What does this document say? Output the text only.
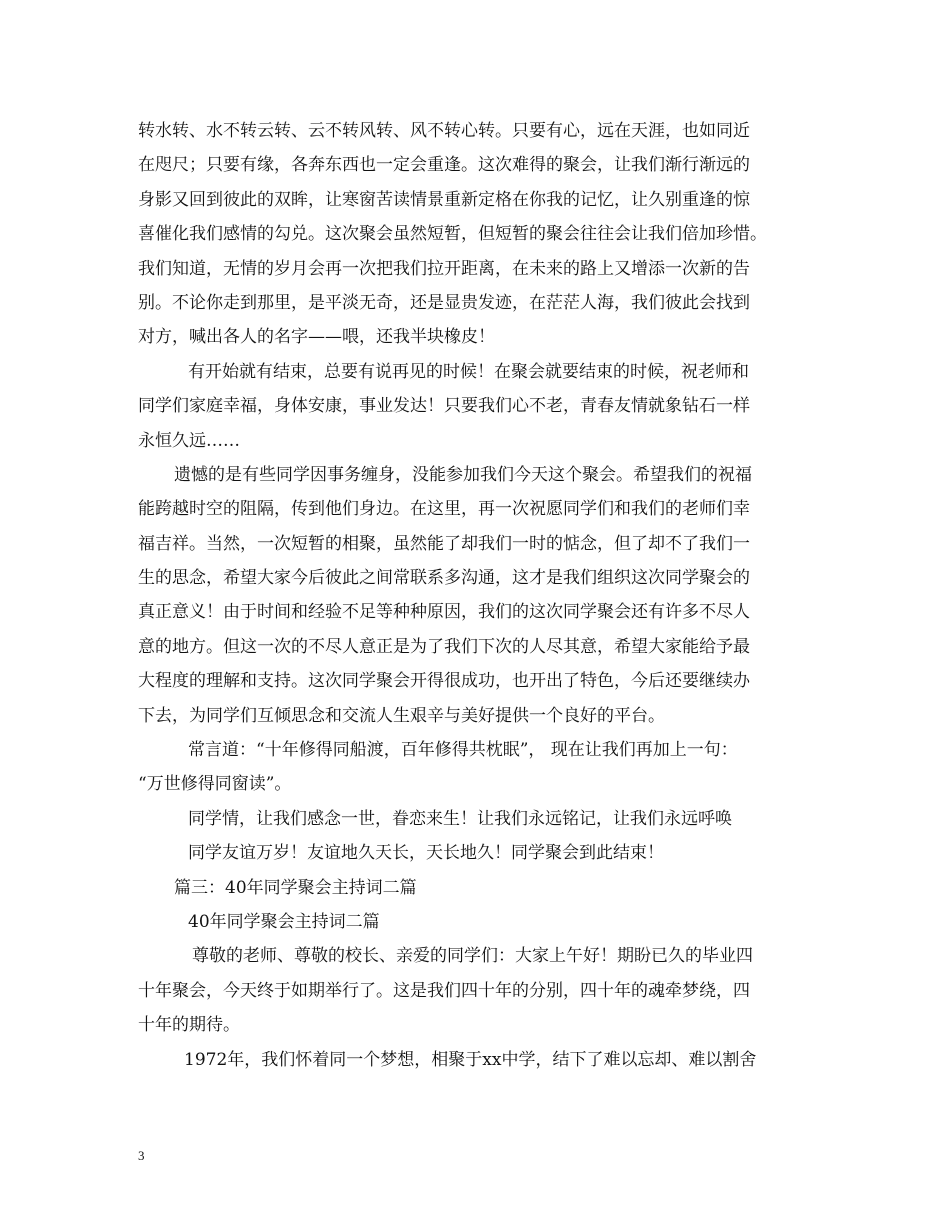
转水转、水不转云转、云不转风转、风不转心转。只要有心，远在天涯，也如同近
在咫尺；只要有缘，各奔东西也一定会重逢。这次难得的聚会，让我们渐行渐远的
身影又回到彼此的双眸，让寒窗苦读情景重新定格在你我的记忆，让久别重逢的惊
喜催化我们感情的勾兑。这次聚会虽然短暂，但短暂的聚会往往会让我们倍加珍惜。
我们知道，无情的岁月会再一次把我们拉开距离，在未来的路上又增添一次新的告
别。不论你走到那里，是平淡无奇，还是显贵发迹，在茫茫人海，我们彼此会找到
对方，喊出各人的名字——喂，还我半块橡皮！
有开始就有结束，总要有说再见的时候！在聚会就要结束的时候，祝老师和
同学们家庭幸福，身体安康，事业发达！只要我们心不老，青春友情就象钻石一样
永恒久远……
遗憾的是有些同学因事务缠身，没能参加我们今天这个聚会。希望我们的祝福
能跨越时空的阻隔，传到他们身边。在这里，再一次祝愿同学们和我们的老师们幸
福吉祥。当然，一次短暂的相聚，虽然能了却我们一时的惦念，但了却不了我们一
生的思念，希望大家今后彼此之间常联系多沟通，这才是我们组织这次同学聚会的
真正意义！由于时间和经验不足等种种原因，我们的这次同学聚会还有许多不尽人
意的地方。但这一次的不尽人意正是为了我们下次的人尽其意，希望大家能给予最
大程度的理解和支持。这次同学聚会开得很成功，也开出了特色，今后还要继续办
下去，为同学们互倾思念和交流人生艰辛与美好提供一个良好的平台。
常言道：“十年修得同船渡，百年修得共枕眠”， 现在让我们再加上一句：
“万世修得同窗读”。
同学情，让我们感念一世，眷恋来生！让我们永远铭记，让我们永远呼唤
同学友谊万岁！友谊地久天长，天长地久！同学聚会到此结束！
篇三：40年同学聚会主持词二篇
40年同学聚会主持词二篇
尊敬的老师、尊敬的校长、亲爱的同学们：大家上午好！期盼已久的毕业四
十年聚会，今天终于如期举行了。这是我们四十年的分别，四十年的魂牵梦绕，四
十年的期待。
1972年，我们怀着同一个梦想，相聚于xx中学，结下了难以忘却、难以割舍
3
